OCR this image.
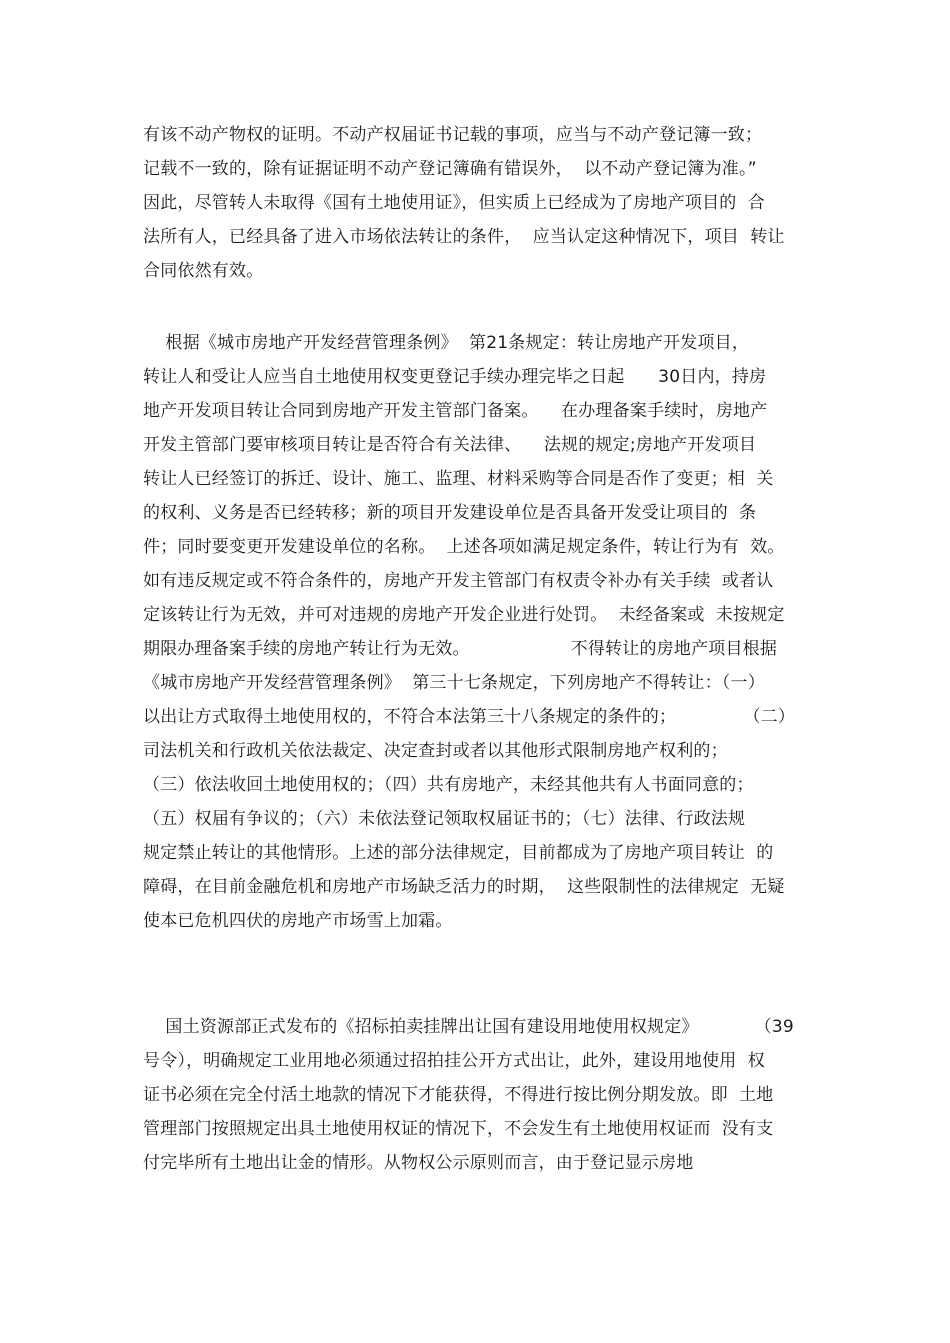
有该不动产物权的证明。不动产权届证书记载的事项，应当与不动产登记簿一致；
记载不一致的，除有证据证明不动产登记簿确有错误外，  以不动产登记簿为准。”
因此，尽管转人未取得《国有土地使用证》，但实质上已经成为了房地产项目的  合
法所有人，已经具备了进入市场依法转让的条件，  应当认定这种情况下，项目  转让
合同依然有效。
根据《城市房地产开发经营管理条例》  第21条规定：转让房地产开发项目，
转让人和受让人应当自土地使用权变更登记手续办理完毕之日起      30日内，持房
地产开发项目转让合同到房地产开发主管部门备案。    在办理备案手续时，房地产
开发主管部门要审核项目转让是否符合有关法律、    法规的规定;房地产开发项目
转让人已经签订的拆迁、设计、施工、监理、材料采购等合同是否作了变更；相  关
的权利、义务是否已经转移；新的项目开发建设单位是否具备开发受让项目的  条
件；同时要变更开发建设单位的名称。  上述各项如满足规定条件，转让行为有  效。
如有违反规定或不符合条件的，房地产开发主管部门有权责令补办有关手续  或者认
定该转让行为无效，并可对违规的房地产开发企业进行处罚。  未经备案或  未按规定
期限办理备案手续的房地产转让行为无效。                  不得转让的房地产项目根据
《城市房地产开发经营管理条例》  第三十七条规定，下列房地产不得转让：（一）
以出让方式取得土地使用权的，不符合本法第三十八条规定的条件的；            （二）
司法机关和行政机关依法裁定、决定查封或者以其他形式限制房地产权利的；
（三）依法收回土地使用权的；（四）共有房地产，未经其他共有人书面同意的；
（五）权届有争议的；（六）未依法登记领取权届证书的；（七）法律、行政法规
规定禁止转让的其他情形。上述的部分法律规定，目前都成为了房地产项目转让  的
障碍，在目前金融危机和房地产市场缺乏活力的时期，  这些限制性的法律规定  无疑
使本已危机四伏的房地产市场雪上加霜。
国土资源部正式发布的《招标拍卖挂牌出让国有建设用地使用权规定》          （39
号令），明确规定工业用地必须通过招拍挂公开方式出让，此外，建设用地使用  权
证书必须在完全付活土地款的情况下才能获得，不得进行按比例分期发放。即  土地
管理部门按照规定出具土地使用权证的情况下，不会发生有土地使用权证而  没有支
付完毕所有土地出让金的情形。从物权公示原则而言，由于登记显示房地
